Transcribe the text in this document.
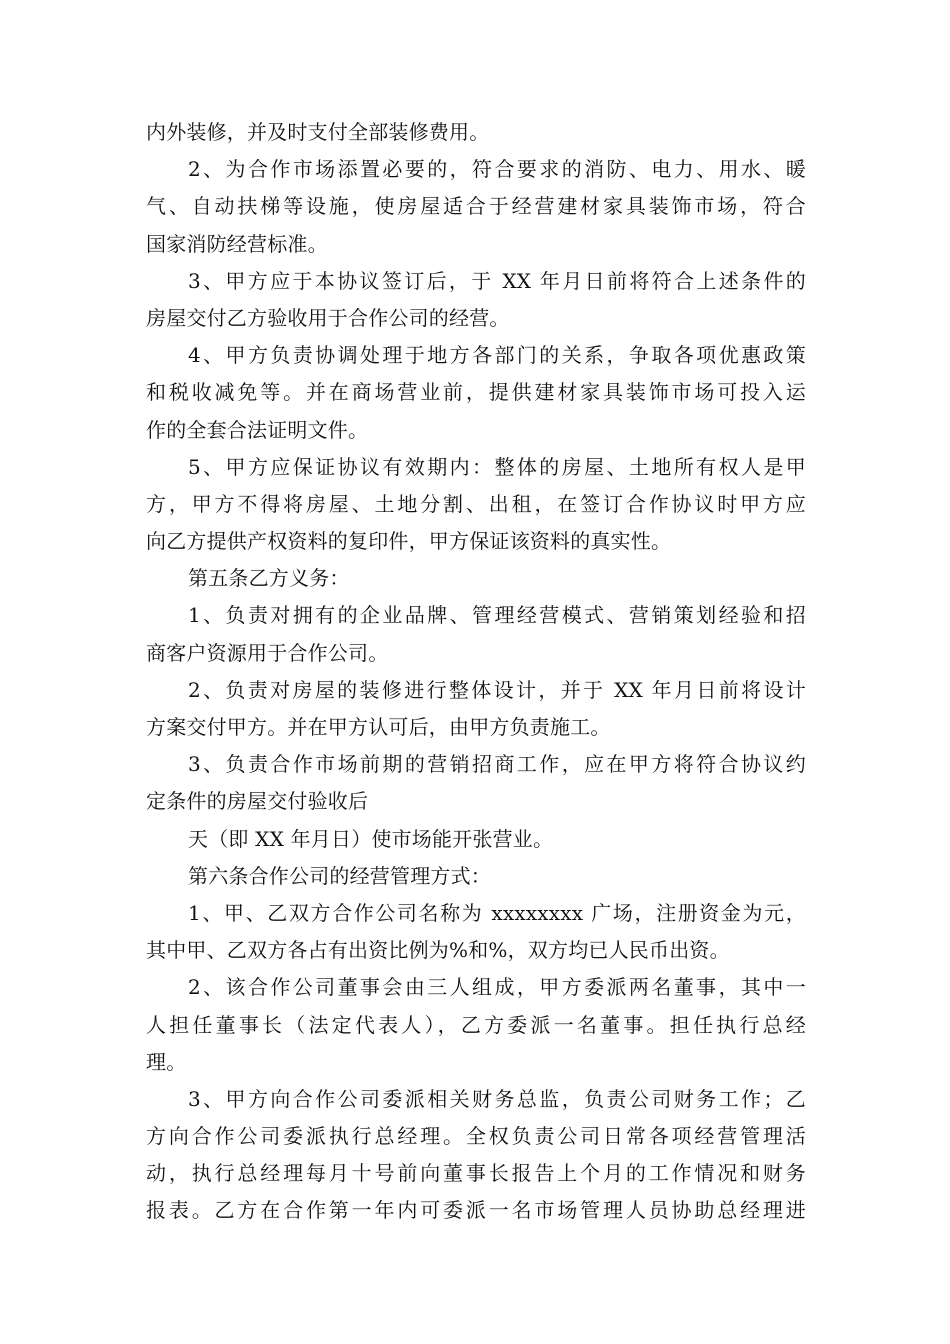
内外装修，并及时支付全部装修费用。
2、为合作市场添置必要的，符合要求的消防、电力、用水、暖
气、自动扶梯等设施，使房屋适合于经营建材家具装饰市场，符合
国家消防经营标准。
3、甲方应于本协议签订后，于 XX 年月日前将符合上述条件的
房屋交付乙方验收用于合作公司的经营。
4、甲方负责协调处理于地方各部门的关系，争取各项优惠政策
和税收减免等。并在商场营业前，提供建材家具装饰市场可投入运
作的全套合法证明文件。
5、甲方应保证协议有效期内：整体的房屋、土地所有权人是甲
方，甲方不得将房屋、土地分割、出租，在签订合作协议时甲方应
向乙方提供产权资料的复印件，甲方保证该资料的真实性。
第五条乙方义务：
1、负责对拥有的企业品牌、管理经营模式、营销策划经验和招
商客户资源用于合作公司。
2、负责对房屋的装修进行整体设计，并于 XX 年月日前将设计
方案交付甲方。并在甲方认可后，由甲方负责施工。
3、负责合作市场前期的营销招商工作，应在甲方将符合协议约
定条件的房屋交付验收后
天（即 XX 年月日）使市场能开张营业。
第六条合作公司的经营管理方式：
1、甲、乙双方合作公司名称为 xxxxxxxx 广场，注册资金为元，
其中甲、乙双方各占有出资比例为%和%，双方均已人民币出资。
2、该合作公司董事会由三人组成，甲方委派两名董事，其中一
人担任董事长（法定代表人），乙方委派一名董事。担任执行总经
理。
3、甲方向合作公司委派相关财务总监，负责公司财务工作；乙
方向合作公司委派执行总经理。全权负责公司日常各项经营管理活
动，执行总经理每月十号前向董事长报告上个月的工作情况和财务
报表。乙方在合作第一年内可委派一名市场管理人员协助总经理进
